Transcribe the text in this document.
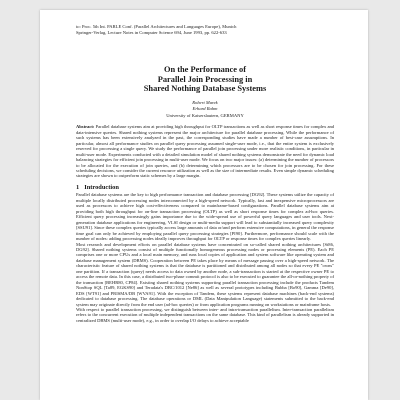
to: Proc. 5th Int. PARLE Conf. (Parallel Architectures and Languages Europe), Munich
Springer-Verlag, Lecture Notes in Computer Science 694, June 1993, pp. 622-633

On the Performance of
Parallel Join Processing in
Shared Nothing Database Systems
Robert Marek
Erhard Rahm
University of Kaiserslautern, GERMANY
Abstract: Parallel database systems aim at providing high throughput for OLTP transactions as well as short response times for complex and data-intensive queries. Shared nothing systems represent the major architecture for parallel database processing. While the performance of such systems has been extensively analyzed in the past, the corresponding studies have made a number of best-case assumptions. In particular, almost all performance studies on parallel query processing assumed single-user mode, i.e., that the entire system is exclusively reserved for processing a single query. We study the performance of parallel join processing under more realistic conditions, in particular in multi-user mode. Experiments conducted with a detailed simulation model of shared nothing systems demonstrate the need for dynamic load balancing strategies for efficient join processing in multi-user mode. We focus on two major issues: (a) determining the number of processors to be allocated for the execution of join queries, and (b) determining which processors are to be chosen for join processing. For these scheduling decisions, we consider the current resource utilization as well as the size of intermediate results. Even simple dynamic scheduling strategies are shown to outperform static schemes by a large margin.
1 Introduction
Parallel database systems are the key to high performance transaction and database processing [DG92]. These systems utilize the capacity of multiple locally distributed processing nodes interconnected by a high-speed network. Typically, fast and inexpensive microprocessors are used as processors to achieve high cost-effectiveness compared to mainframe-based configurations. Parallel database systems aim at providing both high throughput for on-line transaction processing (OLTP) as well as short response times for complex ad-hoc queries. Efficient query processing increasingly gains importance due to the wide-spread use of powerful query languages and user tools. Next-generation database applications for engineering, VLSI design or multi-media support will lead to substantially increased query complexity [SSU91]. Since these complex queries typically access large amounts of data or/and perform extensive computations, in general the response time goal can only be achieved by employing parallel query processing strategies [PI90]. Furthermore, performance should scale with the number of nodes: adding processing nodes ideally improves throughput for OLTP or response times for complex queries linearly.
Most research and development efforts on parallel database systems have concentrated on so-called shared nothing architectures [St86, DG92]. Shared nothing systems consist of multiple functionally homogeneous processing nodes or processing elements (PE). Each PE comprises one or more CPUs and a local main memory, and runs local copies of application and system software like operating system and database management system (DBMS). Cooperation between PE takes place by means of message passing over a high-speed network. The characteristic feature of shared nothing systems is that the database is partitioned and distributed among all nodes so that every PE "owns" one partition. If a transaction (query) needs access to data owned by another node, a sub-transaction is started at the respective owner PE to access the remote data. In this case, a distributed two-phase commit protocol is also to be executed to guarantee the all-or-nothing property of the transaction [BEHR80, CP84]. Existing shared nothing systems supporting parallel transaction processing include the products Tandem NonStop SQL [Ta89, EGKS90] and Teradata's DBC/1012 [Ne86] as well as several prototypes including Bubba [Bo90], Gamma [De90], EDS [WT91] and PRISMA/DB [WVA91]. With the exception of Tandem, these systems represent database machines (back-end systems) dedicated to database processing. The database operations or DML (Data Manipulation Language) statements submitted to the back-end system may originate directly from the end user (ad-hoc queries) or from application programs running on workstations or mainframe hosts.
With respect to parallel transaction processing, we distinguish between inter- and intra-transaction parallelism. Inter-transaction parallelism refers to the concurrent execution of multiple independent transactions on the same database. This kind of parallelism is already supported in centralized DBMS (multi-user mode), e.g., in order to overlap I/O delays to achieve acceptable
